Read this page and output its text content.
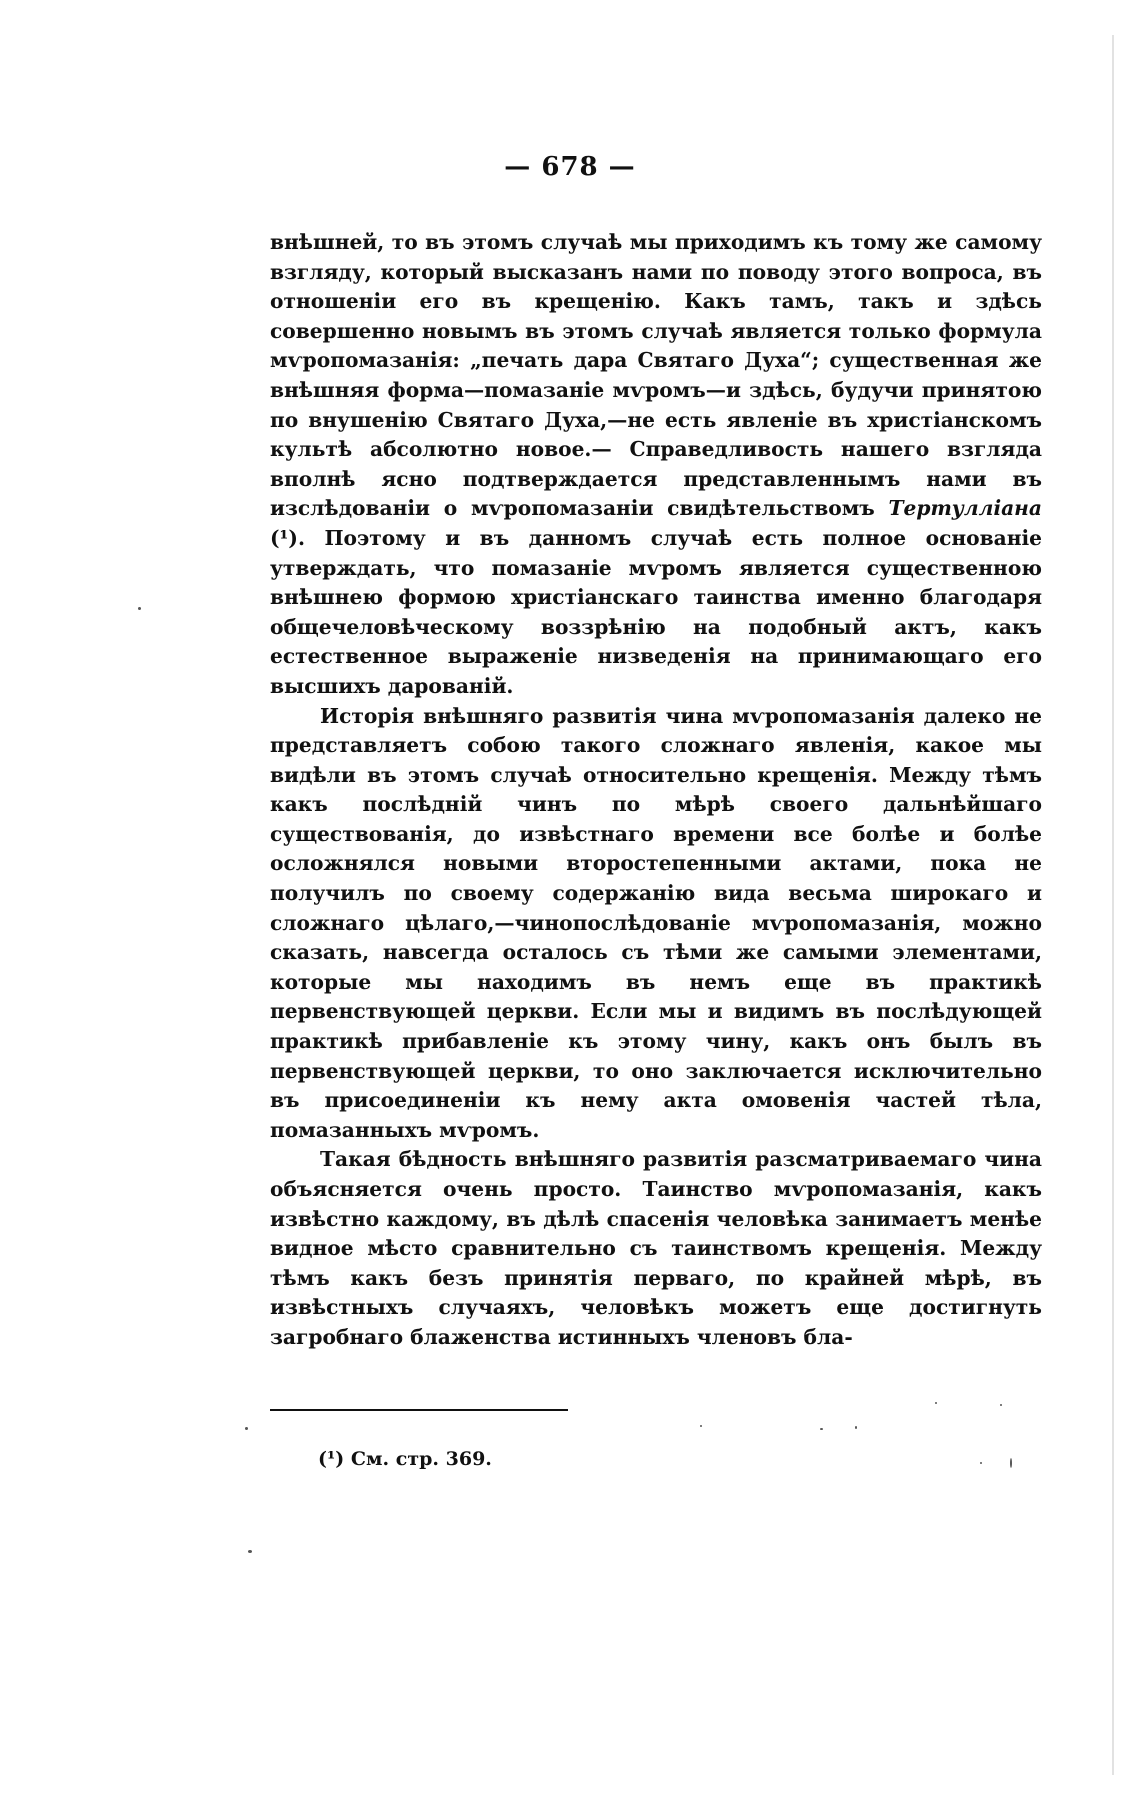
— 678 —

внѣшней, то въ этомъ случаѣ мы приходимъ къ тому же самому взгляду, который высказанъ нами по поводу этого вопроса, въ отношеніи его въ крещенію. Какъ тамъ, такъ и здѣсь совершенно новымъ въ этомъ случаѣ является только формула мѵропомазанія: „печать дара Святаго Духа“; существенная же внѣшняя форма—помазаніе мѵромъ—и здѣсь, будучи принятою по внушенію Святаго Духа,—не есть явленіе въ христіанскомъ культѣ абсолютно новое.— Справедливость нашего взгляда вполнѣ ясно подтверждается представленнымъ нами въ изслѣдованіи о мѵропомазаніи свидѣтельствомъ Тертулліана (¹). Поэтому и въ данномъ случаѣ есть полное основаніе утверждать, что помазаніе мѵромъ является существенною внѣшнею формою христіанскаго таинства именно благодаря общечеловѣческому воззрѣнію на подобный актъ, какъ естественное выраженіе низведенія на принимающаго его высшихъ дарованій.

Исторія внѣшняго развитія чина мѵропомазанія далеко не представляетъ собою такого сложнаго явленія, какое мы видѣли въ этомъ случаѣ относительно крещенія. Между тѣмъ какъ послѣдній чинъ по мѣрѣ своего дальнѣйшаго существованія, до извѣстнаго времени все болѣе и болѣе осложнялся новыми второстепенными актами, пока не получилъ по своему содержанію вида весьма широкаго и сложнаго цѣлаго,—чинопослѣдованіе мѵропомазанія, можно сказать, навсегда осталось съ тѣми же самыми элементами, которые мы находимъ въ немъ еще въ практикѣ первенствующей церкви. Если мы и видимъ въ послѣдующей практикѣ прибавленіе къ этому чину, какъ онъ былъ въ первенствующей церкви, то оно заключается исключительно въ присоединеніи къ нему акта омовенія частей тѣла, помазанныхъ мѵромъ.

Такая бѣдность внѣшняго развитія разсматриваемаго чина объясняется очень просто. Таинство мѵропомазанія, какъ извѣстно каждому, въ дѣлѣ спасенія человѣка занимаетъ менѣе видное мѣсто сравнительно съ таинствомъ крещенія. Между тѣмъ какъ безъ принятія перваго, по крайней мѣрѣ, въ извѣстныхъ случаяхъ, человѣкъ можетъ еще достигнуть загробнаго блаженства истинныхъ членовъ бла-

(¹) См. стр. 369.
